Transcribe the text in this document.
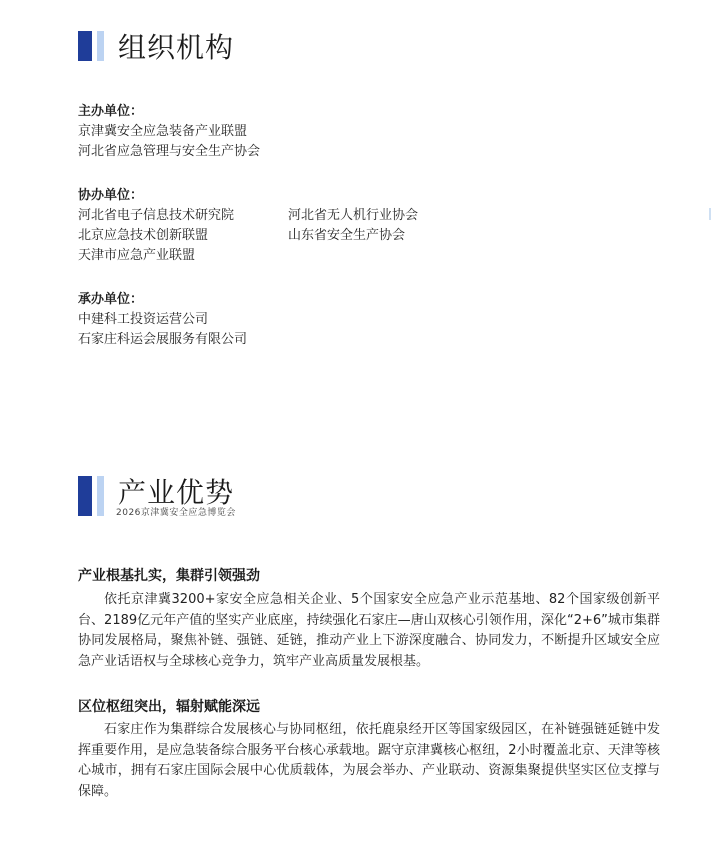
组织机构
主办单位：
京津冀安全应急装备产业联盟
河北省应急管理与安全生产协会
协办单位：
河北省电子信息技术研究院
北京应急技术创新联盟
天津市应急产业联盟
河北省无人机行业协会
山东省安全生产协会
承办单位：
中建科工投资运营公司
石家庄科运会展服务有限公司
产业优势
2026京津冀安全应急博览会
产业根基扎实，集群引领强劲
依托京津冀3200+家安全应急相关企业、5个国家安全应急产业示范基地、82个国家级创新平台、2189亿元年产值的坚实产业底座，持续强化石家庄—唐山双核心引领作用，深化“2+6”城市集群协同发展格局，聚焦补链、强链、延链，推动产业上下游深度融合、协同发力，不断提升区域安全应急产业话语权与全球核心竞争力，筑牢产业高质量发展根基。
区位枢纽突出，辐射赋能深远
石家庄作为集群综合发展核心与协同枢纽，依托鹿泉经开区等国家级园区，在补链强链延链中发挥重要作用，是应急装备综合服务平台核心承载地。踞守京津冀核心枢纽，2小时覆盖北京、天津等核心城市，拥有石家庄国际会展中心优质载体，为展会举办、产业联动、资源集聚提供坚实区位支撑与保障。
